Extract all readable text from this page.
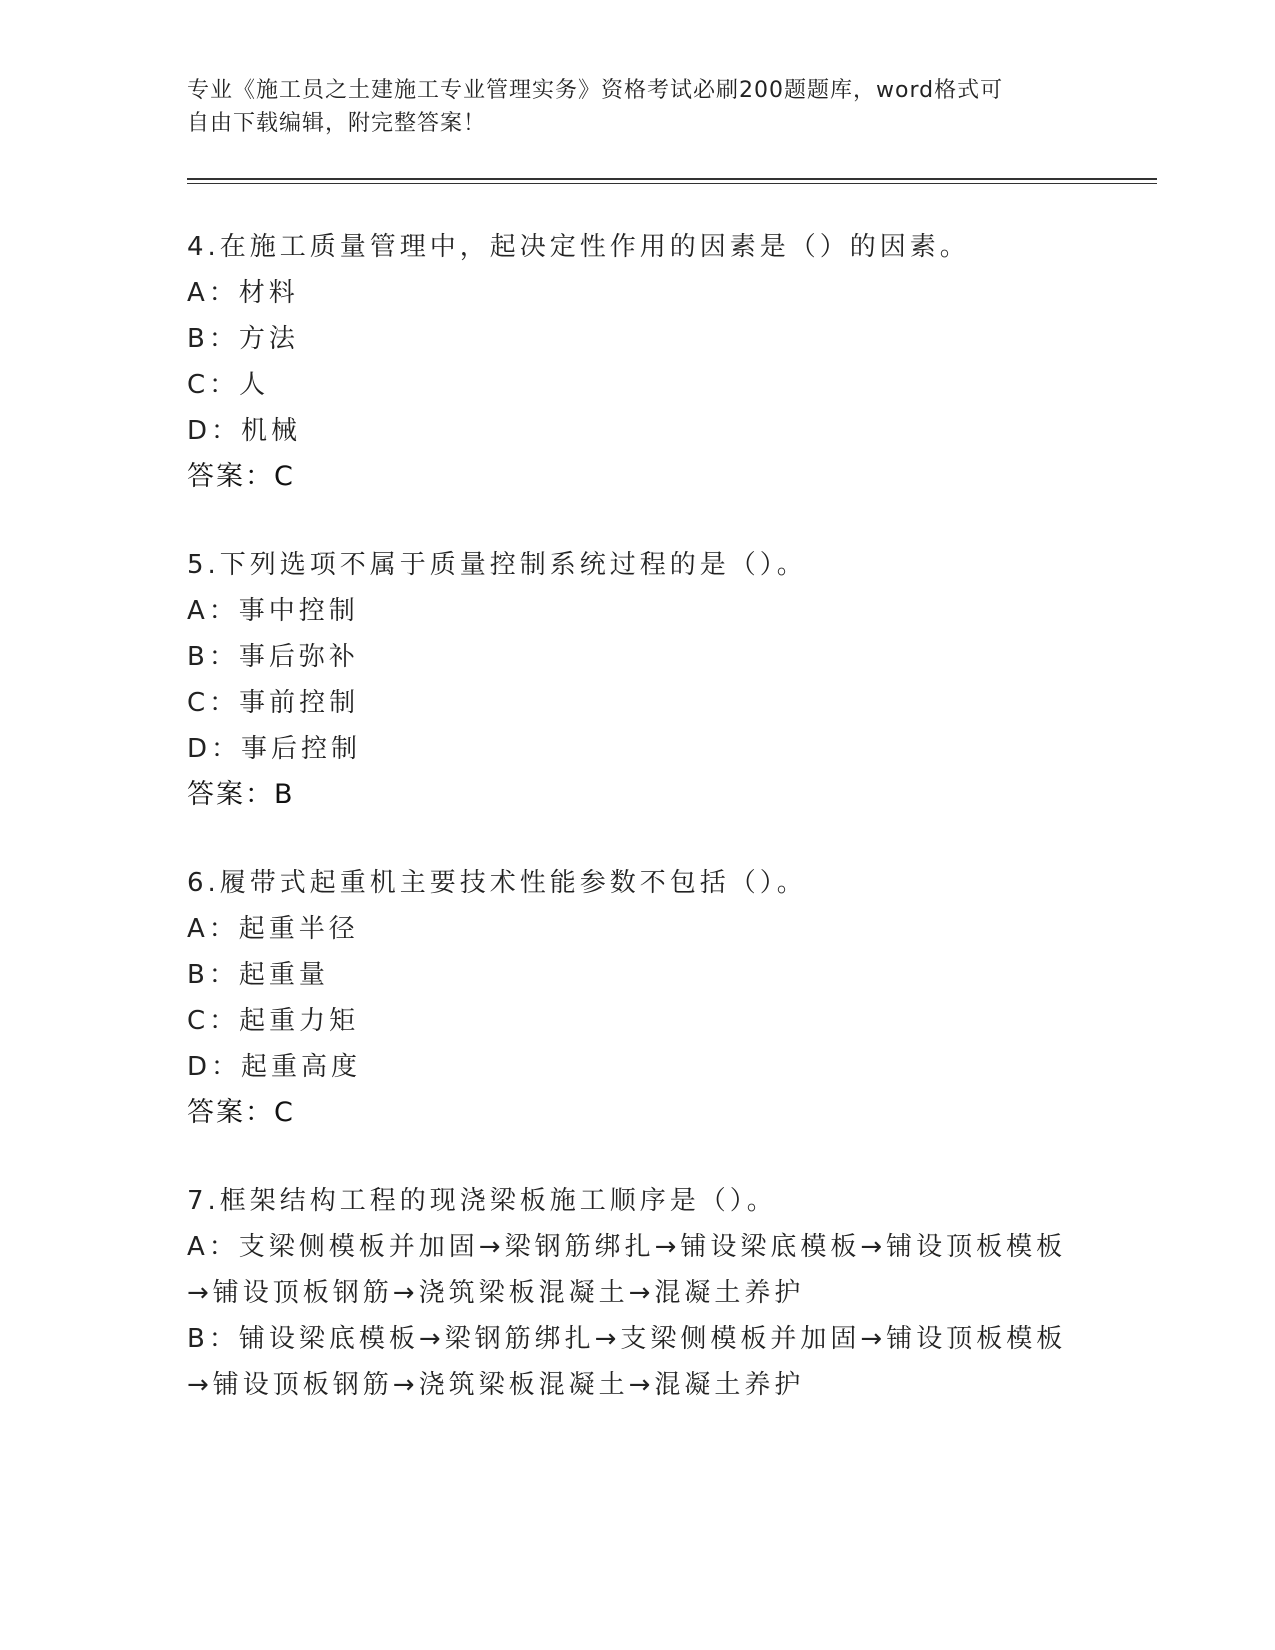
专业《施工员之土建施工专业管理实务》资格考试必刷200题题库，word格式可
自由下载编辑，附完整答案！
4.在施工质量管理中，起决定性作用的因素是（）的因素。
A：材料
B：方法
C：人
D：机械
答案：C
5.下列选项不属于质量控制系统过程的是（）。
A：事中控制
B：事后弥补
C：事前控制
D：事后控制
答案：B
6.履带式起重机主要技术性能参数不包括（）。
A：起重半径
B：起重量
C：起重力矩
D：起重高度
答案：C
7.框架结构工程的现浇梁板施工顺序是（）。
A：支梁侧模板并加固→梁钢筋绑扎→铺设梁底模板→铺设顶板模板→铺设顶板钢筋→浇筑梁板混凝土→混凝土养护
B：铺设梁底模板→梁钢筋绑扎→支梁侧模板并加固→铺设顶板模板→铺设顶板钢筋→浇筑梁板混凝土→混凝土养护
